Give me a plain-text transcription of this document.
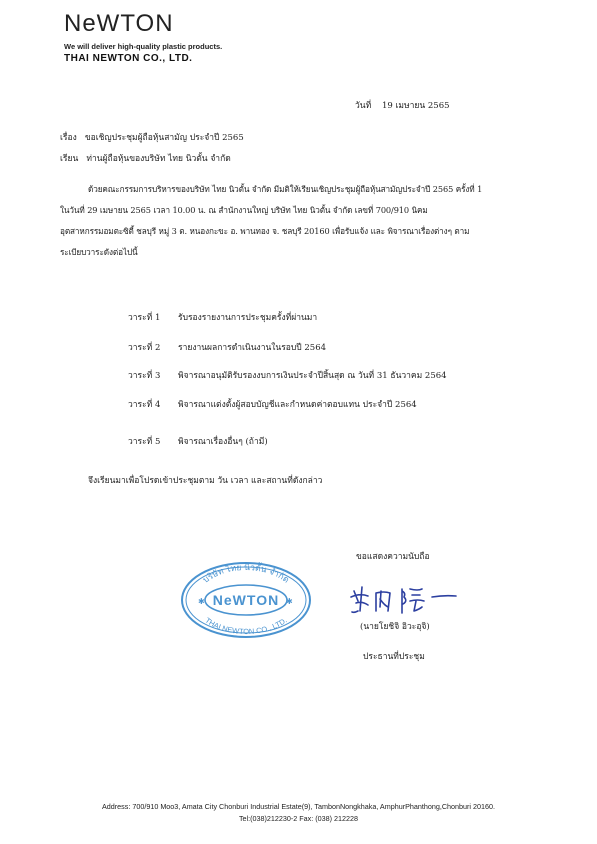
NeWTON
We will deliver high-quality plastic products.
THAI NEWTON CO., LTD.
วันที่ 19 เมษายน 2565
เรื่อง ขอเชิญประชุมผู้ถือหุ้นสามัญ ประจำปี 2565
เรียน ท่านผู้ถือหุ้นของบริษัท ไทย นิวตั้น จำกัด
ด้วยคณะกรรมการบริหารของบริษัท ไทย นิวตั้น จำกัด มีมติให้เรียนเชิญประชุมผู้ถือหุ้นสามัญประจำปี 2565 ครั้งที่ 1
ในวันที่ 29 เมษายน 2565 เวลา 10.00 น. ณ สำนักงานใหญ่ บริษัท ไทย นิวตั้น จำกัด เลขที่ 700/910 นิคม
อุตสาหกรรมอมตะซิตี้ ชลบุรี หมู่ 3 ต. หนองกะขะ อ. พานทอง จ. ชลบุรี 20160 เพื่อรับแจ้ง และ พิจารณาเรื่องต่างๆ ตาม
ระเบียบวาระดังต่อไปนี้
วาระที่ 1 รับรองรายงานการประชุมครั้งที่ผ่านมา
วาระที่ 2 รายงานผลการดำเนินงานในรอบปี 2564
วาระที่ 3 พิจารณาอนุมัติรับรองงบการเงินประจำปีสิ้นสุด ณ วันที่ 31 ธันวาคม 2564
วาระที่ 4 พิจารณาแต่งตั้งผู้สอบบัญชีและกำหนดค่าตอบแทน ประจำปี 2564
วาระที่ 5 พิจารณาเรื่องอื่นๆ (ถ้ามี)
จึงเรียนมาเพื่อโปรดเข้าประชุมตาม วัน เวลา และสถานที่ดังกล่าว
ขอแสดงความนับถือ
(นายโยชิจิ อิวะอุจิ)
ประธานที่ประชุม
บริษัท ไทย นิวตั้น จำกัด
NeWTON
THAI NEWTON CO., LTD.
✱	✱
Address: 700/910 Moo3, Amata City Chonburi Industrial Estate(9), TambonNongkhaka, AmphurPhanthong,Chonburi 20160.
Tel:(038)212230-2 Fax: (038) 212228
